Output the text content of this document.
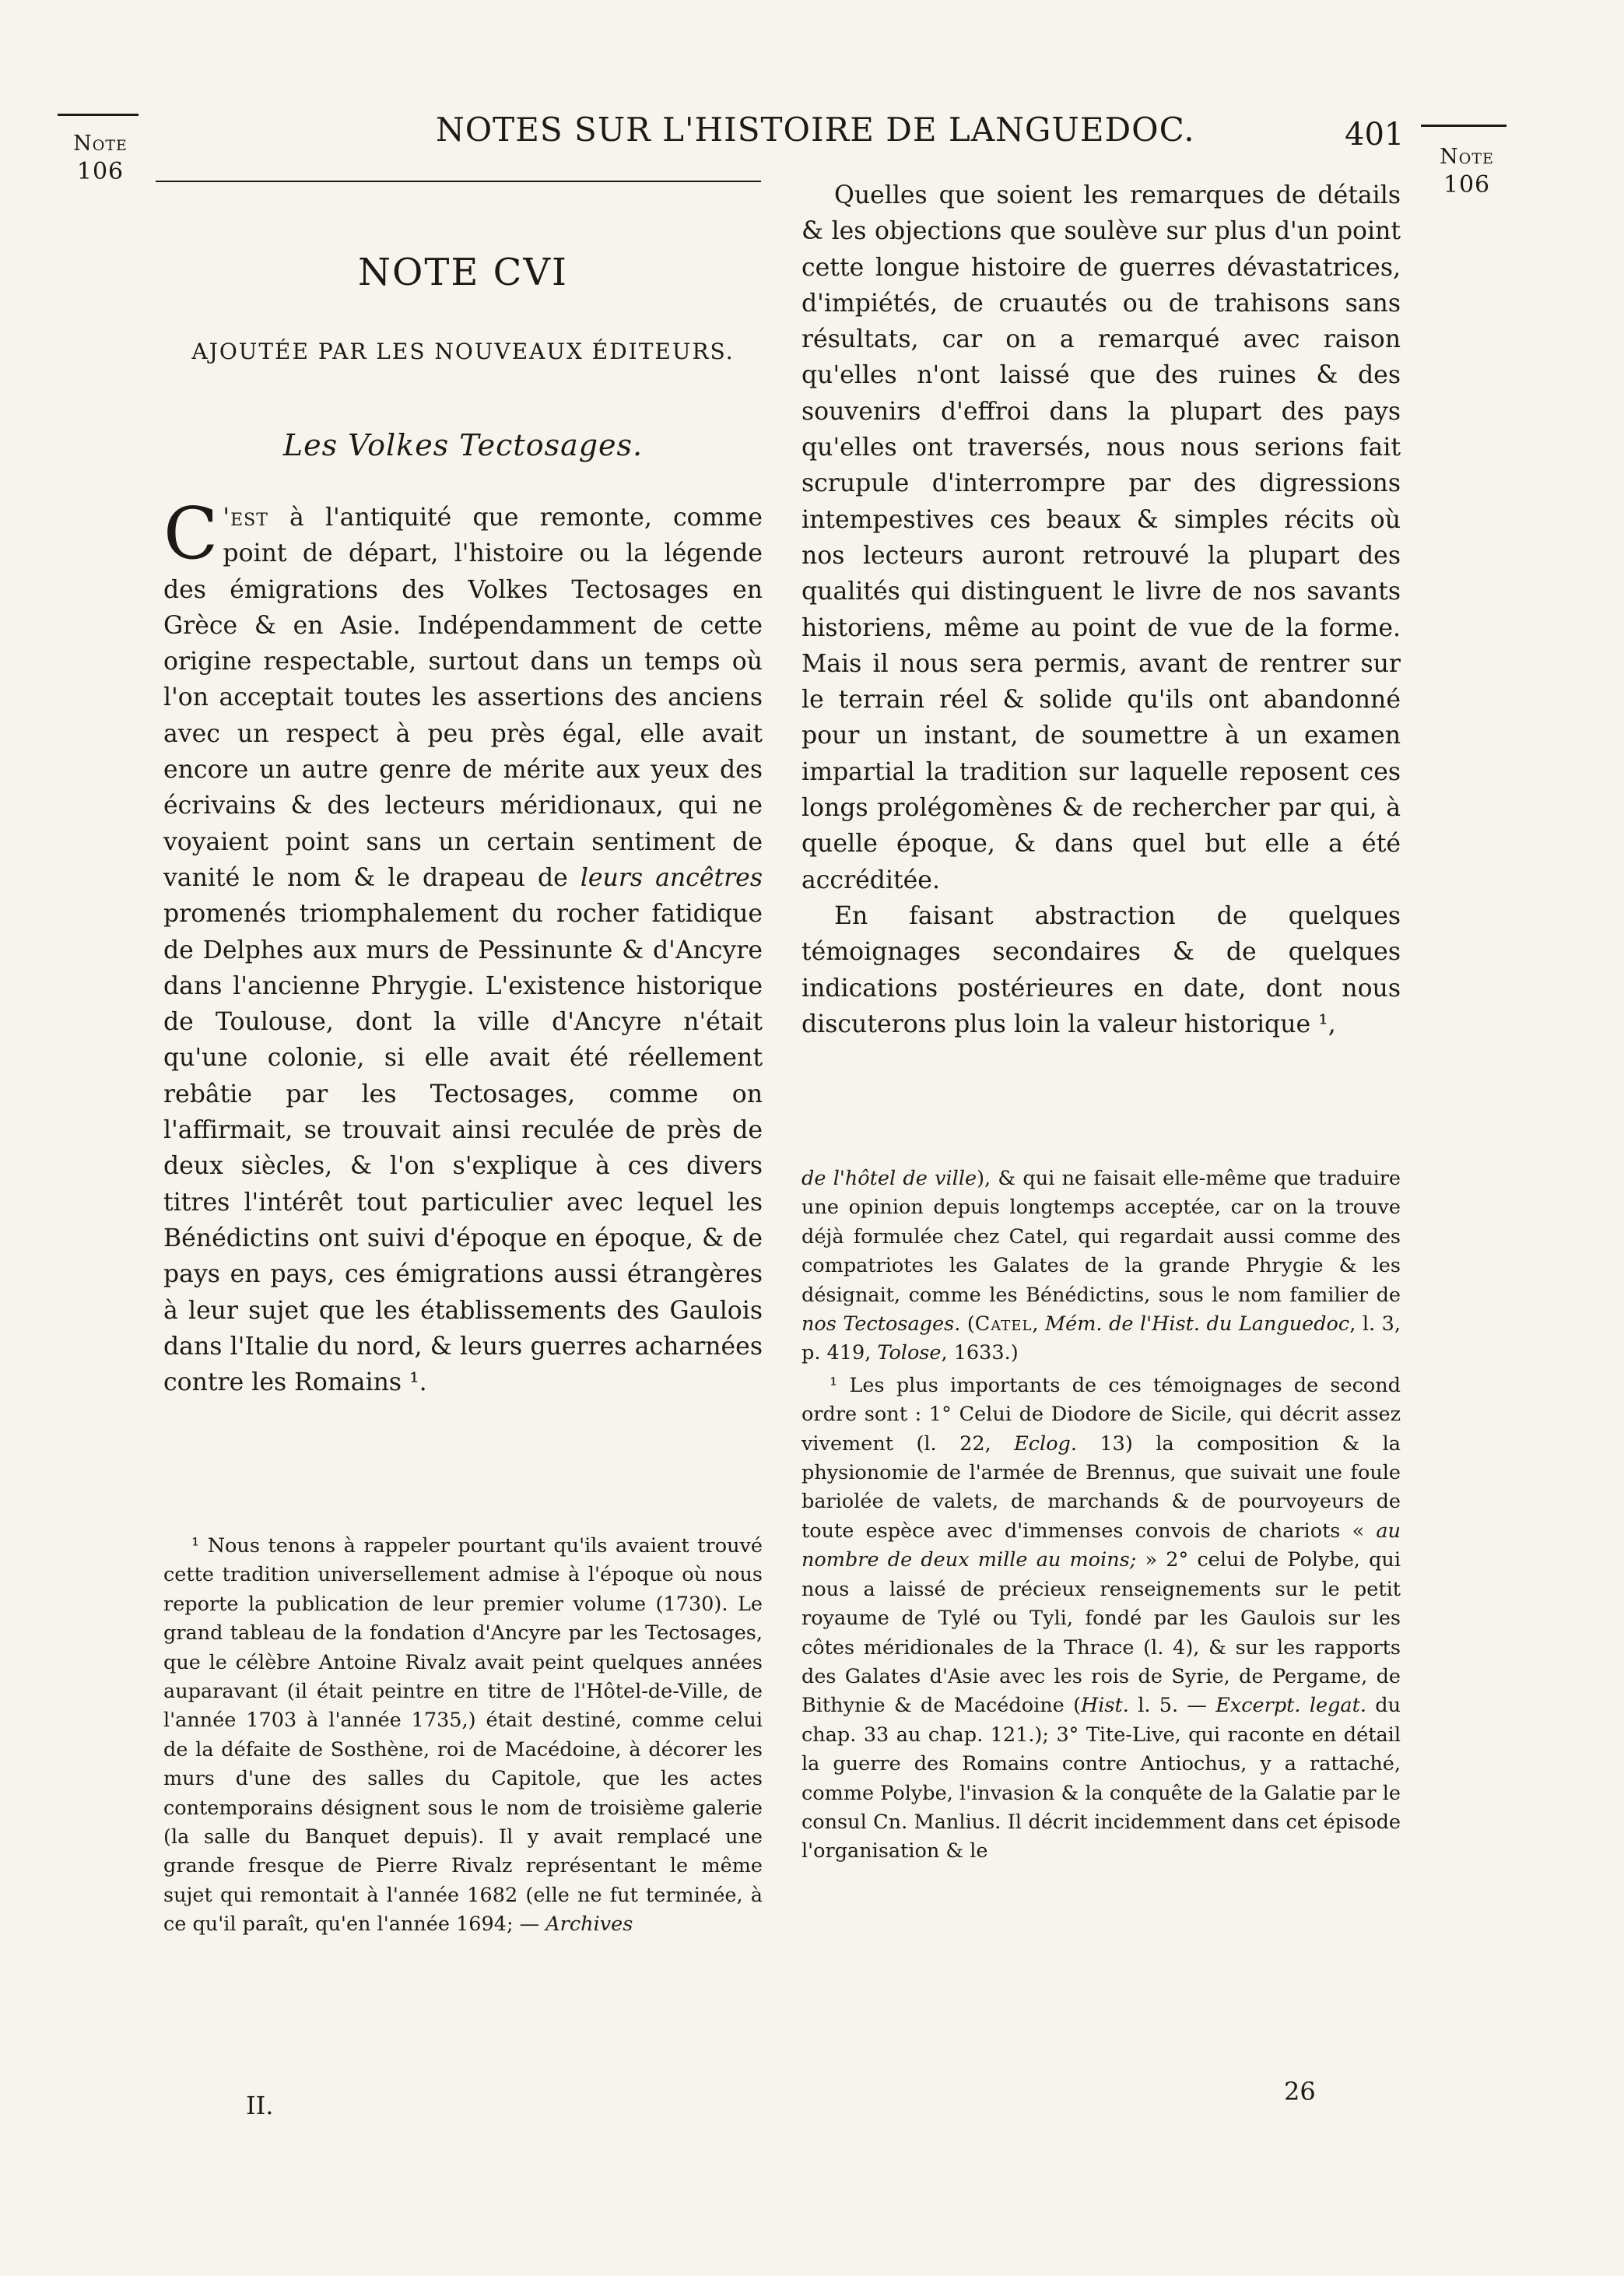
Note
106
Note
106
NOTES SUR L'HISTOIRE DE LANGUEDOC.	401
NOTE CVI
AJOUTÉE PAR LES NOUVEAUX ÉDITEURS.
Les Volkes Tectosages.

C 'est à l'antiquité que remonte, comme point de départ, l'histoire ou la légende des émigrations des Volkes Tectosages en Grèce & en Asie. Indépendamment de cette origine respectable, surtout dans un temps où l'on acceptait toutes les assertions des anciens avec un respect à peu près égal, elle avait encore un autre genre de mérite aux yeux des écrivains & des lecteurs méridionaux, qui ne voyaient point sans un certain sentiment de vanité le nom & le drapeau de leurs ancêtres promenés triomphalement du rocher fatidique de Delphes aux murs de Pessinunte & d'Ancyre dans l'ancienne Phrygie. L'existence historique de Toulouse, dont la ville d'Ancyre n'était qu'une colonie, si elle avait été réellement rebâtie par les Tectosages, comme on l'affirmait, se trouvait ainsi reculée de près de deux siècles, & l'on s'explique à ces divers titres l'intérêt tout particulier avec lequel les Bénédictins ont suivi d'époque en époque, & de pays en pays, ces émigrations aussi étrangères à leur sujet que les établissements des Gaulois dans l'Italie du nord, & leurs guerres acharnées contre les Romains ¹.

¹ Nous tenons à rappeler pourtant qu'ils avaient trouvé cette tradition universellement admise à l'époque où nous reporte la publication de leur premier volume (1730). Le grand tableau de la fondation d'Ancyre par les Tectosages, que le célèbre Antoine Rivalz avait peint quelques années auparavant (il était peintre en titre de l'Hôtel-de-Ville, de l'année 1703 à l'année 1735,) était destiné, comme celui de la défaite de Sosthène, roi de Macédoine, à décorer les murs d'une des salles du Capitole, que les actes contemporains désignent sous le nom de troisième galerie (la salle du Banquet depuis). Il y avait remplacé une grande fresque de Pierre Rivalz représentant le même sujet qui remontait à l'année 1682 (elle ne fut terminée, à ce qu'il paraît, qu'en l'année 1694; — Archives

Quelles que soient les remarques de détails & les objections que soulève sur plus d'un point cette longue histoire de guerres dévastatrices, d'impiétés, de cruautés ou de trahisons sans résultats, car on a remarqué avec raison qu'elles n'ont laissé que des ruines & des souvenirs d'effroi dans la plupart des pays qu'elles ont traversés, nous nous serions fait scrupule d'interrompre par des digressions intempestives ces beaux & simples récits où nos lecteurs auront retrouvé la plupart des qualités qui distinguent le livre de nos savants historiens, même au point de vue de la forme. Mais il nous sera permis, avant de rentrer sur le terrain réel & solide qu'ils ont abandonné pour un instant, de soumettre à un examen impartial la tradition sur laquelle reposent ces longs prolégomènes & de rechercher par qui, à quelle époque, & dans quel but elle a été accréditée.

En faisant abstraction de quelques témoignages secondaires & de quelques indications postérieures en date, dont nous discuterons plus loin la valeur historique ¹,

de l'hôtel de ville), & qui ne faisait elle-même que traduire une opinion depuis longtemps acceptée, car on la trouve déjà formulée chez Catel, qui regardait aussi comme des compatriotes les Galates de la grande Phrygie & les désignait, comme les Bénédictins, sous le nom familier de nos Tectosages. (Catel, Mém. de l'Hist. du Languedoc, l. 3, p. 419, Tolose, 1633.)

¹ Les plus importants de ces témoignages de second ordre sont : 1° Celui de Diodore de Sicile, qui décrit assez vivement (l. 22, Eclog. 13) la composition & la physionomie de l'armée de Brennus, que suivait une foule bariolée de valets, de marchands & de pourvoyeurs de toute espèce avec d'immenses convois de chariots « au nombre de deux mille au moins; » 2° celui de Polybe, qui nous a laissé de précieux renseignements sur le petit royaume de Tylé ou Tyli, fondé par les Gaulois sur les côtes méridionales de la Thrace (l. 4), & sur les rapports des Galates d'Asie avec les rois de Syrie, de Pergame, de Bithynie & de Macédoine (Hist. l. 5. — Excerpt. legat. du chap. 33 au chap. 121.); 3° Tite-Live, qui raconte en détail la guerre des Romains contre Antiochus, y a rattaché, comme Polybe, l'invasion & la conquête de la Galatie par le consul Cn. Manlius. Il décrit incidemment dans cet épisode l'organisation & le

II.	26
